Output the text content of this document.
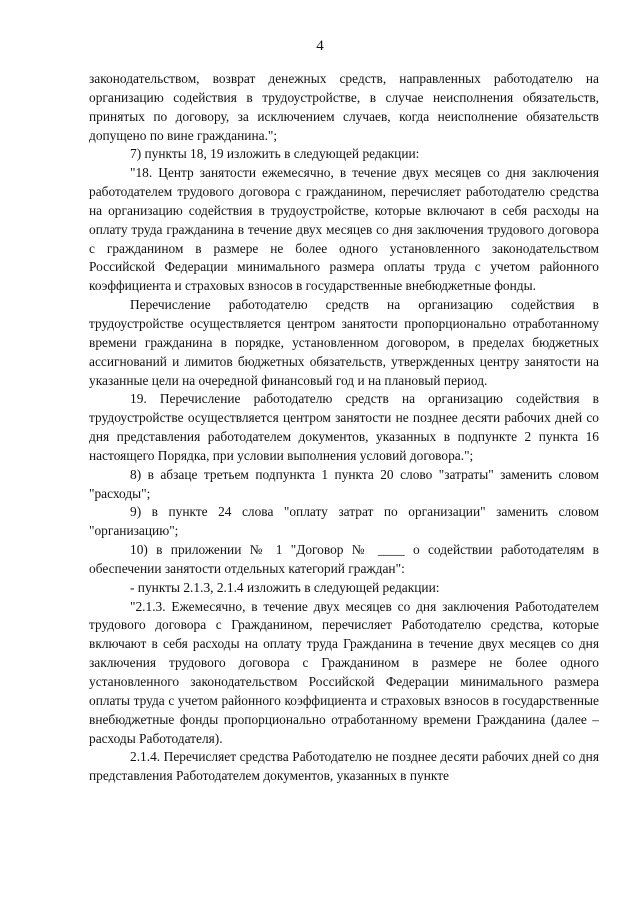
4

законодательством, возврат денежных средств, направленных работодателю на организацию содействия в трудоустройстве, в случае неисполнения обязательств, принятых по договору, за исключением случаев, когда неисполнение обязательств допущено по вине гражданина.";

7) пункты 18, 19 изложить в следующей редакции:

"18. Центр занятости ежемесячно, в течение двух месяцев со дня заключения работодателем трудового договора с гражданином, перечисляет работодателю средства на организацию содействия в трудоустройстве, которые включают в себя расходы на оплату труда гражданина в течение двух месяцев со дня заключения трудового договора с гражданином в размере не более одного установленного законодательством Российской Федерации минимального размера оплаты труда с учетом районного коэффициента и страховых взносов в государственные внебюджетные фонды.

Перечисление работодателю средств на организацию содействия в трудоустройстве осуществляется центром занятости пропорционально отработанному времени гражданина в порядке, установленном договором, в пределах бюджетных ассигнований и лимитов бюджетных обязательств, утвержденных центру занятости на указанные цели на очередной финансовый год и на плановый период.

19. Перечисление работодателю средств на организацию содействия в трудоустройстве осуществляется центром занятости не позднее десяти рабочих дней со дня представления работодателем документов, указанных в подпункте 2 пункта 16 настоящего Порядка, при условии выполнения условий договора.";

8) в абзаце третьем подпункта 1 пункта 20 слово "затраты" заменить словом "расходы";

9) в пункте 24 слова "оплату затрат по организации" заменить словом "организацию";

10) в приложении № 1 "Договор № ____ о содействии работодателям в обеспечении занятости отдельных категорий граждан":

- пункты 2.1.3, 2.1.4 изложить в следующей редакции:

"2.1.3. Ежемесячно, в течение двух месяцев со дня заключения Работодателем трудового договора с Гражданином, перечисляет Работодателю средства, которые включают в себя расходы на оплату труда Гражданина в течение двух месяцев со дня заключения трудового договора с Гражданином в размере не более одного установленного законодательством Российской Федерации минимального размера оплаты труда с учетом районного коэффициента и страховых взносов в государственные внебюджетные фонды пропорционально отработанному времени Гражданина (далее – расходы Работодателя).

2.1.4. Перечисляет средства Работодателю не позднее десяти рабочих дней со дня представления Работодателем документов, указанных в пункте
